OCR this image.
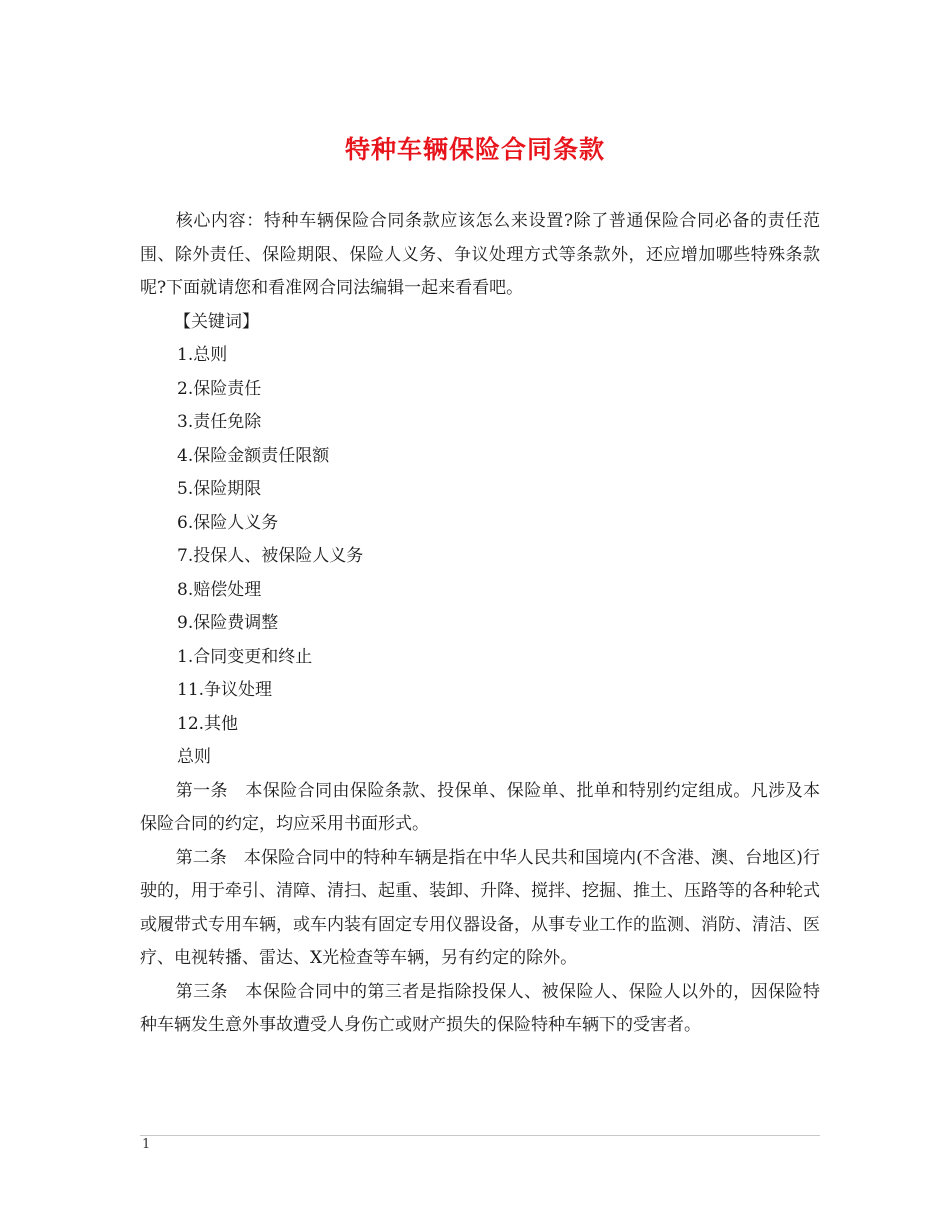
特种车辆保险合同条款

核心内容：特种车辆保险合同条款应该怎么来设置?除了普通保险合同必备的责任范围、除外责任、保险期限、保险人义务、争议处理方式等条款外，还应增加哪些特殊条款呢?下面就请您和看准网合同法编辑一起来看看吧。

【关键词】

1.总则

2.保险责任

3.责任免除

4.保险金额责任限额

5.保险期限

6.保险人义务

7.投保人、被保险人义务

8.赔偿处理

9.保险费调整

1.合同变更和终止

11.争议处理

12.其他

总则

第一条　本保险合同由保险条款、投保单、保险单、批单和特别约定组成。凡涉及本保险合同的约定，均应采用书面形式。

第二条　本保险合同中的特种车辆是指在中华人民共和国境内(不含港、澳、台地区)行驶的，用于牵引、清障、清扫、起重、装卸、升降、搅拌、挖掘、推土、压路等的各种轮式或履带式专用车辆，或车内装有固定专用仪器设备，从事专业工作的监测、消防、清洁、医疗、电视转播、雷达、X光检查等车辆，另有约定的除外。

第三条　本保险合同中的第三者是指除投保人、被保险人、保险人以外的，因保险特种车辆发生意外事故遭受人身伤亡或财产损失的保险特种车辆下的受害者。

1
